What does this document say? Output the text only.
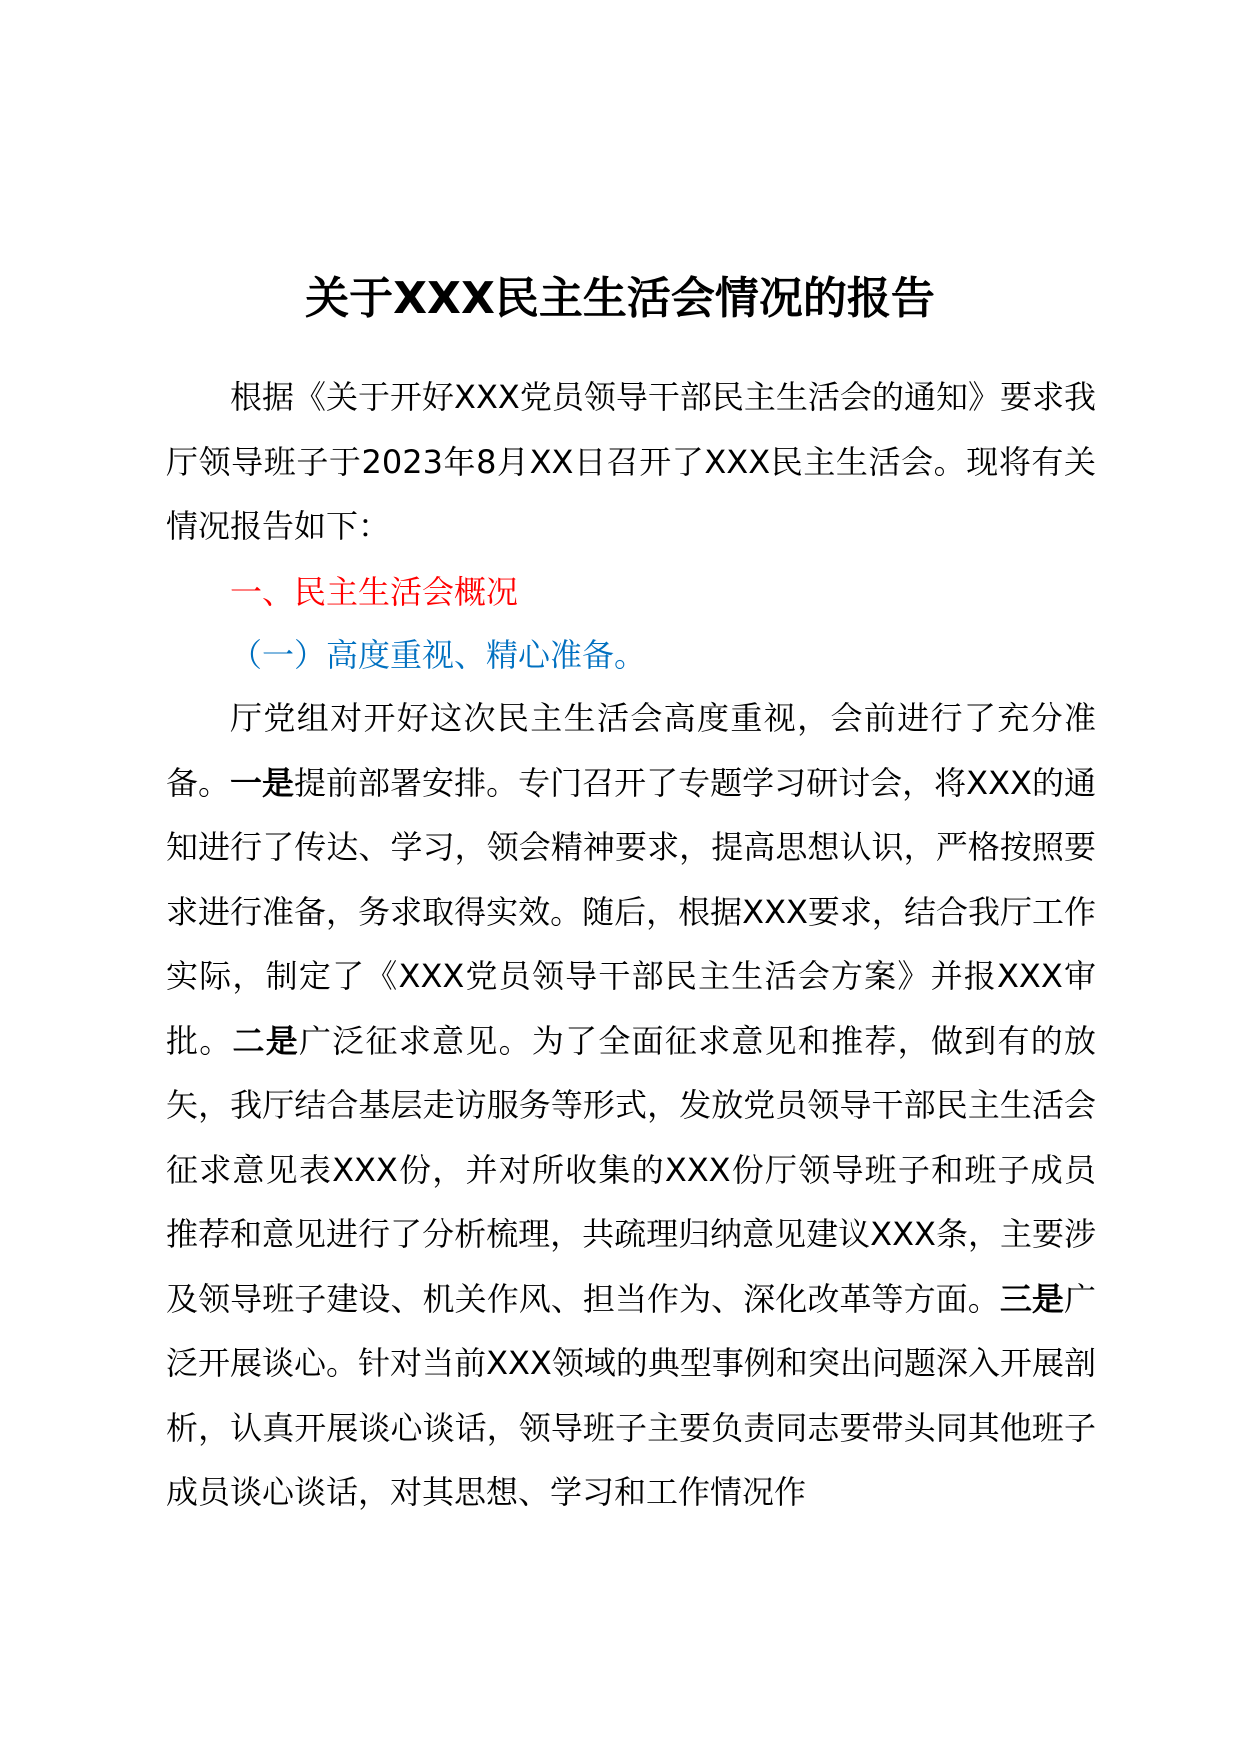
关于XXX民主生活会情况的报告
根据《关于开好XXX党员领导干部民主生活会的通知》要求我厅领导班子于2023年8月XX日召开了XXX民主生活会。现将有关情况报告如下：
一、民主生活会概况
（一）高度重视、精心准备。
厅党组对开好这次民主生活会高度重视，会前进行了充分准备。一是提前部署安排。专门召开了专题学习研讨会，将XXX的通知进行了传达、学习，领会精神要求，提高思想认识，严格按照要求进行准备，务求取得实效。随后，根据XXX要求，结合我厅工作实际，制定了《XXX党员领导干部民主生活会方案》并报XXX审批。二是广泛征求意见。为了全面征求意见和推荐，做到有的放矢，我厅结合基层走访服务等形式，发放党员领导干部民主生活会征求意见表XXX份，并对所收集的XXX份厅领导班子和班子成员推荐和意见进行了分析梳理，共疏理归纳意见建议XXX条，主要涉及领导班子建设、机关作风、担当作为、深化改革等方面。三是广泛开展谈心。针对当前XXX领域的典型事例和突出问题深入开展剖析，认真开展谈心谈话，领导班子主要负责同志要带头同其他班子成员谈心谈话，对其思想、学习和工作情况作
